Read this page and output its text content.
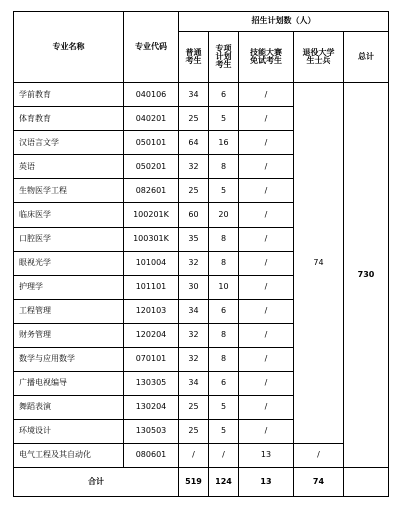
专业名称	专业代码	招生计划数（人）				
		普通考生	专项计划考生	技能大赛免试考生	退役大学生士兵	总计
学前教育	040106	34	6	/	74	730
体育教育	040201	25	5	/		
汉语言文学	050101	64	16	/		
英语	050201	32	8	/		
生物医学工程	082601	25	5	/		
临床医学	100201K	60	20	/		
口腔医学	100301K	35	8	/		
眼视光学	101004	32	8	/		
护理学	101101	30	10	/		
工程管理	120103	34	6	/		
财务管理	120204	32	8	/		
数学与应用数学	070101	32	8	/		
广播电视编导	130305	34	6	/		
舞蹈表演	130204	25	5	/		
环境设计	130503	25	5	/		
电气工程及其自动化	080601	/	/	13	/	
合计		519	124	13	74	
